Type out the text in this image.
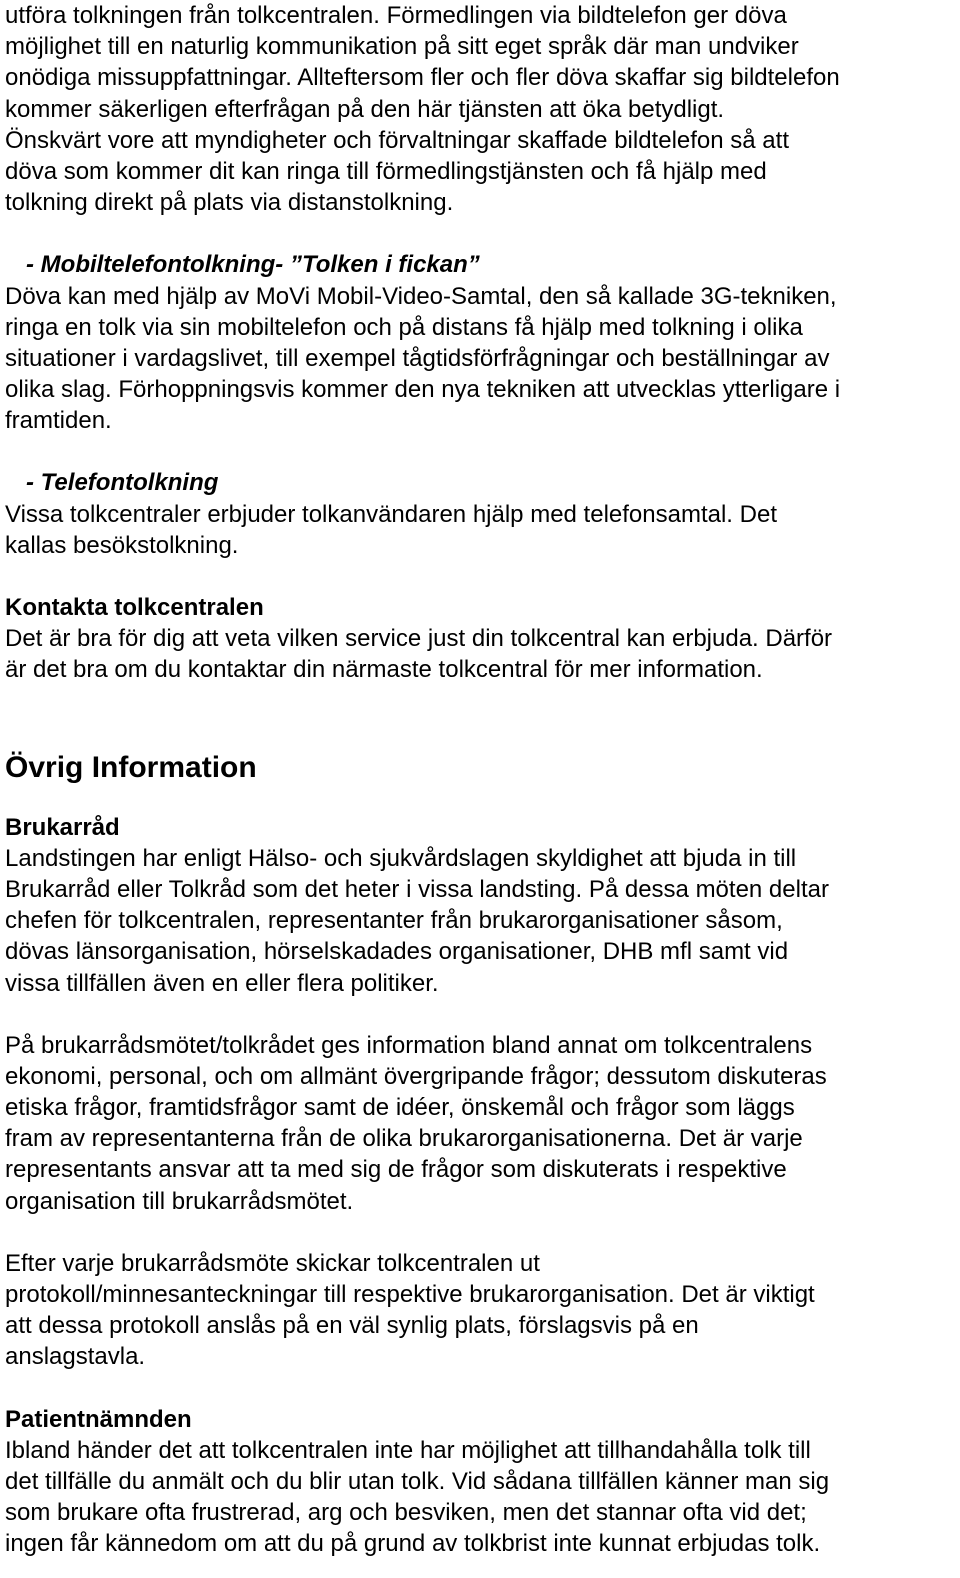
utföra tolkningen från tolkcentralen. Förmedlingen via bildtelefon ger döva
möjlighet till en naturlig kommunikation på sitt eget språk där man undviker
onödiga missuppfattningar. Allteftersom fler och fler döva skaffar sig bildtelefon
kommer säkerligen efterfrågan på den här tjänsten att öka betydligt.
Önskvärt vore att myndigheter och förvaltningar skaffade bildtelefon så att
döva som kommer dit kan ringa till förmedlingstjänsten och få hjälp med
tolkning direkt på plats via distanstolkning.
- Mobiltelefontolkning- ”Tolken i fickan”
Döva kan med hjälp av MoVi Mobil-Video-Samtal, den så kallade 3G-tekniken,
ringa en tolk via sin mobiltelefon och på distans få hjälp med tolkning i olika
situationer i vardagslivet, till exempel tågtidsförfrågningar och beställningar av
olika slag. Förhoppningsvis kommer den nya tekniken att utvecklas ytterligare i
framtiden.
- Telefontolkning
Vissa tolkcentraler erbjuder tolkanvändaren hjälp med telefonsamtal. Det
kallas besökstolkning.
Kontakta tolkcentralen
Det är bra för dig att veta vilken service just din tolkcentral kan erbjuda. Därför
är det bra om du kontaktar din närmaste tolkcentral för mer information.
Övrig Information
Brukarråd
Landstingen har enligt Hälso- och sjukvårdslagen skyldighet att bjuda in till
Brukarråd eller Tolkråd som det heter i vissa landsting. På dessa möten deltar
chefen för tolkcentralen, representanter från brukarorganisationer såsom,
dövas länsorganisation, hörselskadades organisationer, DHB mfl samt vid
vissa tillfällen även en eller flera politiker.
På brukarrådsmötet/tolkrådet ges information bland annat om tolkcentralens
ekonomi, personal, och om allmänt övergripande frågor; dessutom diskuteras
etiska frågor, framtidsfrågor samt de idéer, önskemål och frågor som läggs
fram av representanterna från de olika brukarorganisationerna. Det är varje
representants ansvar att ta med sig de frågor som diskuterats i respektive
organisation till brukarrådsmötet.
Efter varje brukarrådsmöte skickar tolkcentralen ut
protokoll/minnesanteckningar till respektive brukarorganisation. Det är viktigt
att dessa protokoll anslås på en väl synlig plats, förslagsvis på en
anslagstavla.
Patientnämnden
Ibland händer det att tolkcentralen inte har möjlighet att tillhandahålla tolk till
det tillfälle du anmält och du blir utan tolk. Vid sådana tillfällen känner man sig
som brukare ofta frustrerad, arg och besviken, men det stannar ofta vid det;
ingen får kännedom om att du på grund av tolkbrist inte kunnat erbjudas tolk.
